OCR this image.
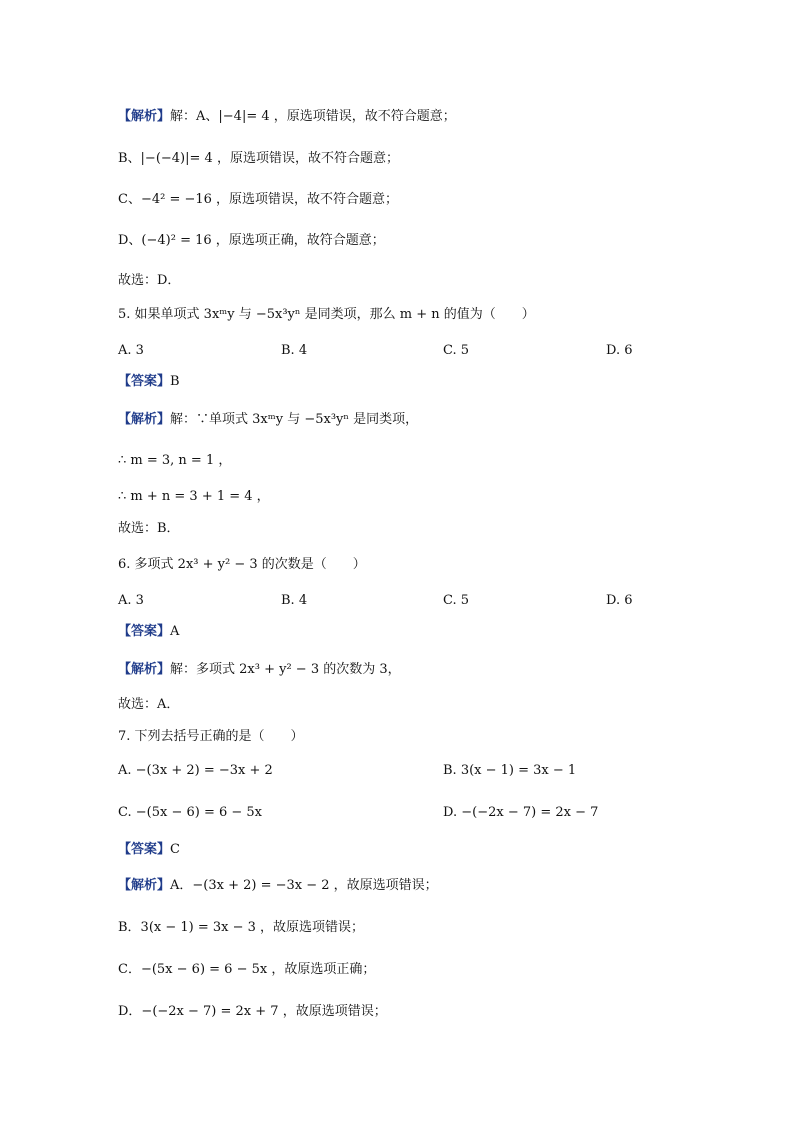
【解析】解：A、|−4|= 4 ，原选项错误，故不符合题意；
B、|−(−4)|= 4 ，原选项错误，故不符合题意；
C、−4² = −16 ，原选项错误，故不符合题意；
D、(−4)² = 16 ，原选项正确，故符合题意；
故选：D．
5. 如果单项式 3xᵐy 与 −5x³yⁿ 是同类项，那么 m + n 的值为（　　）
A. 3	B. 4	C. 5	D. 6
【答案】B
【解析】解：∵单项式 3xᵐy 与 −5x³yⁿ 是同类项，
∴ m = 3, n = 1 ，
∴ m + n = 3 + 1 = 4 ，
故选：B．
6. 多项式 2x³ + y² − 3 的次数是（　　）
A. 3	B. 4	C. 5	D. 6
【答案】A
【解析】解：多项式 2x³ + y² − 3 的次数为 3，
故选：A．
7. 下列去括号正确的是（　　）
A. −(3x + 2) = −3x + 2	B. 3(x − 1) = 3x − 1
C. −(5x − 6) = 6 − 5x	D. −(−2x − 7) = 2x − 7
【答案】C
【解析】A．−(3x + 2) = −3x − 2 ，故原选项错误；
B．3(x − 1) = 3x − 3 ，故原选项错误；
C．−(5x − 6) = 6 − 5x ，故原选项正确；
D．−(−2x − 7) = 2x + 7 ，故原选项错误；
